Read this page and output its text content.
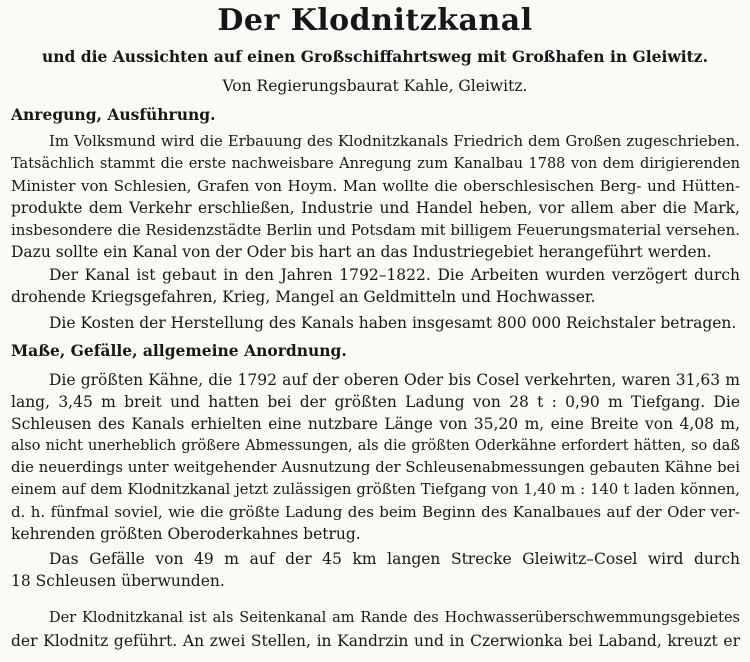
Der Klodnitzkanal
und die Aussichten auf einen Großschiffahrtsweg mit Großhafen in Gleiwitz.
Von Regierungsbaurat Kahle, Gleiwitz.
Anregung, Ausführung.
Im Volksmund wird die Erbauung des Klodnitzkanals Friedrich dem Großen zugeschrieben.
Tatsächlich stammt die erste nachweisbare Anregung zum Kanalbau 1788 von dem dirigierenden
Minister von Schlesien, Grafen von Hoym. Man wollte die oberschlesischen Berg- und Hütten-
produkte dem Verkehr erschließen, Industrie und Handel heben, vor allem aber die Mark,
insbesondere die Residenzstädte Berlin und Potsdam mit billigem Feuerungsmaterial versehen.
Dazu sollte ein Kanal von der Oder bis hart an das Industriegebiet herangeführt werden.
Der Kanal ist gebaut in den Jahren 1792–1822. Die Arbeiten wurden verzögert durch
drohende Kriegsgefahren, Krieg, Mangel an Geldmitteln und Hochwasser.
Die Kosten der Herstellung des Kanals haben insgesamt 800 000 Reichstaler betragen.
Maße, Gefälle, allgemeine Anordnung.
Die größten Kähne, die 1792 auf der oberen Oder bis Cosel verkehrten, waren 31,63 m
lang, 3,45 m breit und hatten bei der größten Ladung von 28 t : 0,90 m Tiefgang. Die
Schleusen des Kanals erhielten eine nutzbare Länge von 35,20 m, eine Breite von 4,08 m,
also nicht unerheblich größere Abmessungen, als die größten Oderkähne erfordert hätten, so daß
die neuerdings unter weitgehender Ausnutzung der Schleusenabmessungen gebauten Kähne bei
einem auf dem Klodnitzkanal jetzt zulässigen größten Tiefgang von 1,40 m : 140 t laden können,
d. h. fünfmal soviel, wie die größte Ladung des beim Beginn des Kanalbaues auf der Oder ver-
kehrenden größten Oberoderkahnes betrug.
Das Gefälle von 49 m auf der 45 km langen Strecke Gleiwitz–Cosel wird durch
18 Schleusen überwunden.
Der Klodnitzkanal ist als Seitenkanal am Rande des Hochwasserüberschwemmungsgebietes
der Klodnitz geführt. An zwei Stellen, in Kandrzin und in Czerwionka bei Laband, kreuzt er
